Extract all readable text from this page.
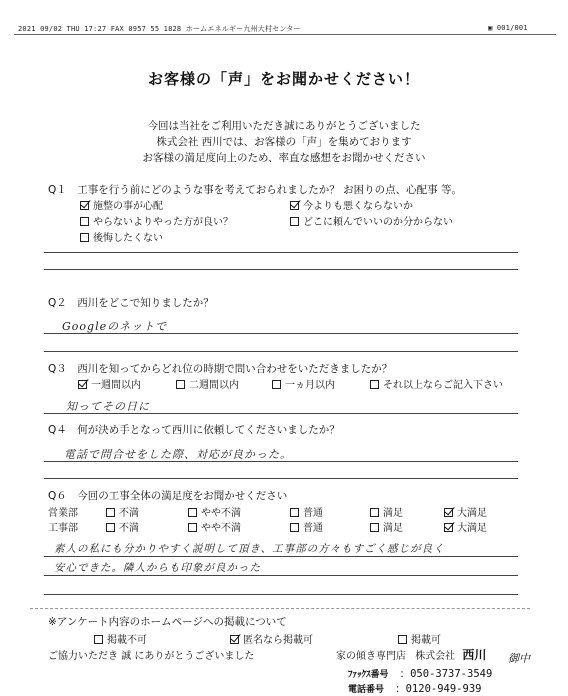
2021 09/02 THU 17:27 FAX 0957 55 1828 ホームエネルギー九州大村センター	▣ 001/001
お客様の「声」をお聞かせください！
今回は当社をご利用いただき誠にありがとうございました
株式会社 西川では、お客様の「声」を集めております
お客様の満足度向上のため、率直な感想をお聞かせください
Q１　工事を行う前にどのような事を考えておられましたか？ お困りの点、心配事 等。
施整の事が心配	今よりも悪くならないか
やらないよりやった方が良い？	どこに頼んでいいのか分からない
後悔したくない
Q２　西川をどこで知りましたか？
Googleのネットで
Q３　西川を知ってからどれ位の時期で問い合わせをいただきましたか？
一週間以内	二週間以内	一ヵ月以内	それ以上ならご記入下さい
知ってその日に
Q４　何が決め手となって西川に依頼してくださいましたか？
電話で問合せをした際、対応が良かった。
Q６　今回の工事全体の満足度をお聞かせください
営業部	不満	やや不満	普通	満足	大満足
工事部	不満	やや不満	普通	満足	大満足
素人の私にも分かりやすく説明して頂き、工事部の方々もすごく感じが良く
安心できた。隣人からも印象が良かった
※アンケート内容のホームページへの掲載について
掲載不可	匿名なら掲載可	掲載可
ご協力いただき 誠 にありがとうございました	家の傾き専門店 株式会社 西川 御中
ﾌｧｯｸｽ番号 ：050-3737-3549
電話番号 ：0120-949-939
